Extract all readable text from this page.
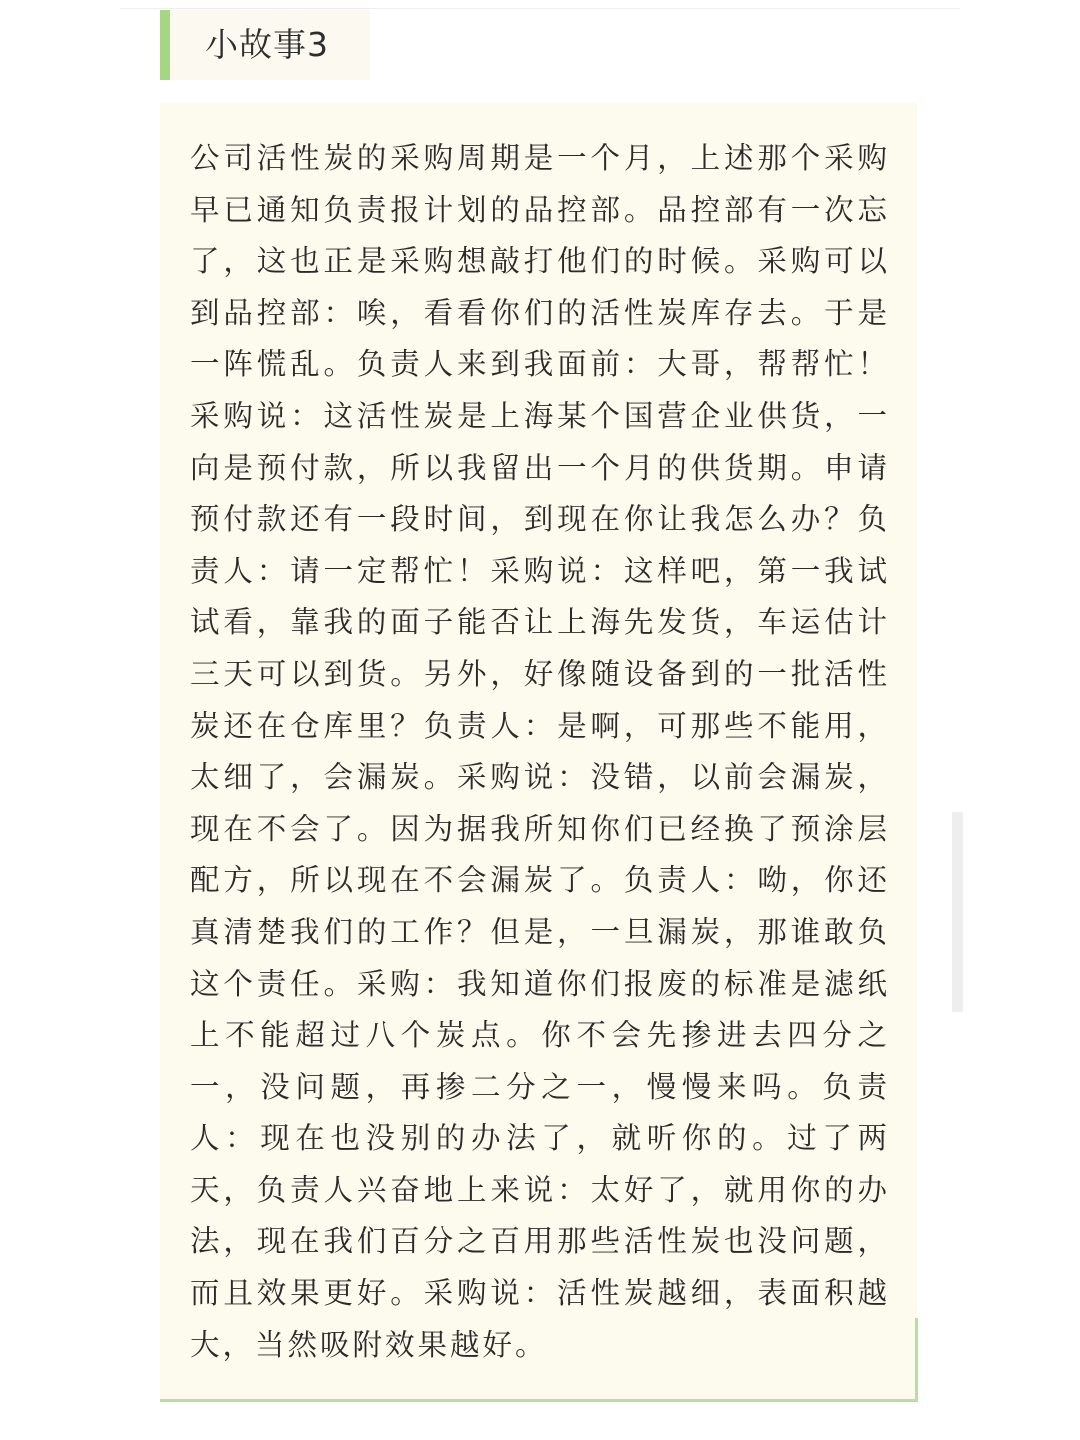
小故事3

公司活性炭的采购周期是一个月，上述那个采购早已通知负责报计划的品控部。品控部有一次忘了，这也正是采购想敲打他们的时候。采购可以到品控部：唉，看看你们的活性炭库存去。于是一阵慌乱。负责人来到我面前：大哥，帮帮忙！采购说：这活性炭是上海某个国营企业供货，一向是预付款，所以我留出一个月的供货期。申请预付款还有一段时间，到现在你让我怎么办？负责人：请一定帮忙！采购说：这样吧，第一我试试看，靠我的面子能否让上海先发货，车运估计三天可以到货。另外，好像随设备到的一批活性炭还在仓库里？负责人：是啊，可那些不能用，太细了，会漏炭。采购说：没错，以前会漏炭，现在不会了。因为据我所知你们已经换了预涂层配方，所以现在不会漏炭了。负责人：呦，你还真清楚我们的工作？但是，一旦漏炭，那谁敢负这个责任。采购：我知道你们报废的标准是滤纸上不能超过八个炭点。你不会先掺进去四分之一，没问题，再掺二分之一，慢慢来吗。负责人：现在也没别的办法了，就听你的。过了两天，负责人兴奋地上来说：太好了，就用你的办法，现在我们百分之百用那些活性炭也没问题，而且效果更好。采购说：活性炭越细，表面积越大，当然吸附效果越好。
